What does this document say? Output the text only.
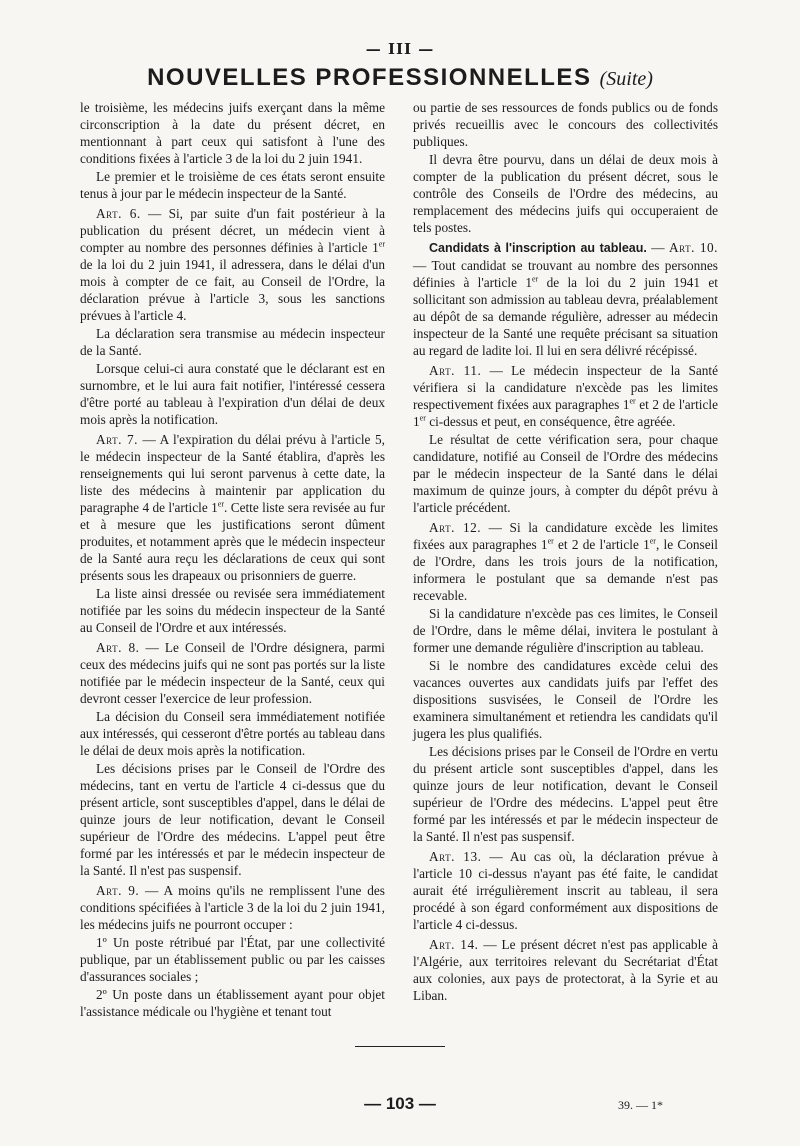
— III —
NOUVELLES PROFESSIONNELLES (Suite)

le troisième, les médecins juifs exerçant dans la même circonscription à la date du présent décret, en mentionnant à part ceux qui satisfont à l'une des conditions fixées à l'article 3 de la loi du 2 juin 1941.

Le premier et le troisième de ces états seront ensuite tenus à jour par le médecin inspecteur de la Santé.

Art. 6. — Si, par suite d'un fait postérieur à la publication du présent décret, un médecin vient à compter au nombre des personnes définies à l'article 1er de la loi du 2 juin 1941, il adressera, dans le délai d'un mois à compter de ce fait, au Conseil de l'Ordre, la déclaration prévue à l'article 3, sous les sanctions prévues à l'article 4.

La déclaration sera transmise au médecin inspecteur de la Santé.

Lorsque celui-ci aura constaté que le déclarant est en surnombre, et le lui aura fait notifier, l'intéressé cessera d'être porté au tableau à l'expiration d'un délai de deux mois après la notification.

Art. 7. — A l'expiration du délai prévu à l'article 5, le médecin inspecteur de la Santé établira, d'après les renseignements qui lui seront parvenus à cette date, la liste des médecins à maintenir par application du paragraphe 4 de l'article 1er. Cette liste sera revisée au fur et à mesure que les justifications seront dûment produites, et notamment après que le médecin inspecteur de la Santé aura reçu les déclarations de ceux qui sont présents sous les drapeaux ou prisonniers de guerre.

La liste ainsi dressée ou revisée sera immédiatement notifiée par les soins du médecin inspecteur de la Santé au Conseil de l'Ordre et aux intéressés.

Art. 8. — Le Conseil de l'Ordre désignera, parmi ceux des médecins juifs qui ne sont pas portés sur la liste notifiée par le médecin inspecteur de la Santé, ceux qui devront cesser l'exercice de leur profession.

La décision du Conseil sera immédiatement notifiée aux intéressés, qui cesseront d'être portés au tableau dans le délai de deux mois après la notification.

Les décisions prises par le Conseil de l'Ordre des médecins, tant en vertu de l'article 4 ci-dessus que du présent article, sont susceptibles d'appel, dans le délai de quinze jours de leur notification, devant le Conseil supérieur de l'Ordre des médecins. L'appel peut être formé par les intéressés et par le médecin inspecteur de la Santé. Il n'est pas suspensif.

Art. 9. — A moins qu'ils ne remplissent l'une des conditions spécifiées à l'article 3 de la loi du 2 juin 1941, les médecins juifs ne pourront occuper :

1º Un poste rétribué par l'État, par une collectivité publique, par un établissement public ou par les caisses d'assurances sociales ;

2º Un poste dans un établissement ayant pour objet l'assistance médicale ou l'hygiène et tenant tout

ou partie de ses ressources de fonds publics ou de fonds privés recueillis avec le concours des collectivités publiques.

Il devra être pourvu, dans un délai de deux mois à compter de la publication du présent décret, sous le contrôle des Conseils de l'Ordre des médecins, au remplacement des médecins juifs qui occuperaient de tels postes.

Candidats à l'inscription au tableau. — Art. 10. — Tout candidat se trouvant au nombre des personnes définies à l'article 1er de la loi du 2 juin 1941 et sollicitant son admission au tableau devra, préalablement au dépôt de sa demande régulière, adresser au médecin inspecteur de la Santé une requête précisant sa situation au regard de ladite loi. Il lui en sera délivré récépissé.

Art. 11. — Le médecin inspecteur de la Santé vérifiera si la candidature n'excède pas les limites respectivement fixées aux paragraphes 1er et 2 de l'article 1er ci-dessus et peut, en conséquence, être agréée.

Le résultat de cette vérification sera, pour chaque candidature, notifié au Conseil de l'Ordre des médecins par le médecin inspecteur de la Santé dans le délai maximum de quinze jours, à compter du dépôt prévu à l'article précédent.

Art. 12. — Si la candidature excède les limites fixées aux paragraphes 1er et 2 de l'article 1er, le Conseil de l'Ordre, dans les trois jours de la notification, informera le postulant que sa demande n'est pas recevable.

Si la candidature n'excède pas ces limites, le Conseil de l'Ordre, dans le même délai, invitera le postulant à former une demande régulière d'inscription au tableau.

Si le nombre des candidatures excède celui des vacances ouvertes aux candidats juifs par l'effet des dispositions susvisées, le Conseil de l'Ordre les examinera simultanément et retiendra les candidats qu'il jugera les plus qualifiés.

Les décisions prises par le Conseil de l'Ordre en vertu du présent article sont susceptibles d'appel, dans les quinze jours de leur notification, devant le Conseil supérieur de l'Ordre des médecins. L'appel peut être formé par les intéressés et par le médecin inspecteur de la Santé. Il n'est pas suspensif.

Art. 13. — Au cas où, la déclaration prévue à l'article 10 ci-dessus n'ayant pas été faite, le candidat aurait été irrégulièrement inscrit au tableau, il sera procédé à son égard conformément aux dispositions de l'article 4 ci-dessus.

Art. 14. — Le présent décret n'est pas applicable à l'Algérie, aux territoires relevant du Secrétariat d'État aux colonies, aux pays de protectorat, à la Syrie et au Liban.

— 103 —	39. — 1*
